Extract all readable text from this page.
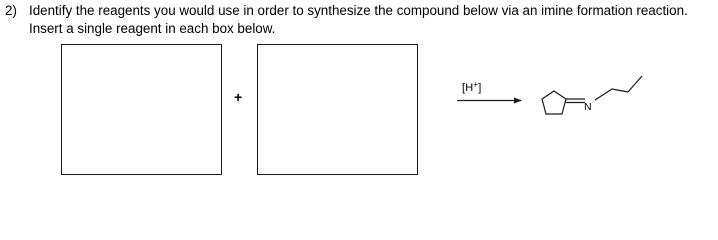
2) Identify the reagents you would use in order to synthesize the compound below via an imine formation reaction. Insert a single reagent in each box below.
+
[H+]
N
